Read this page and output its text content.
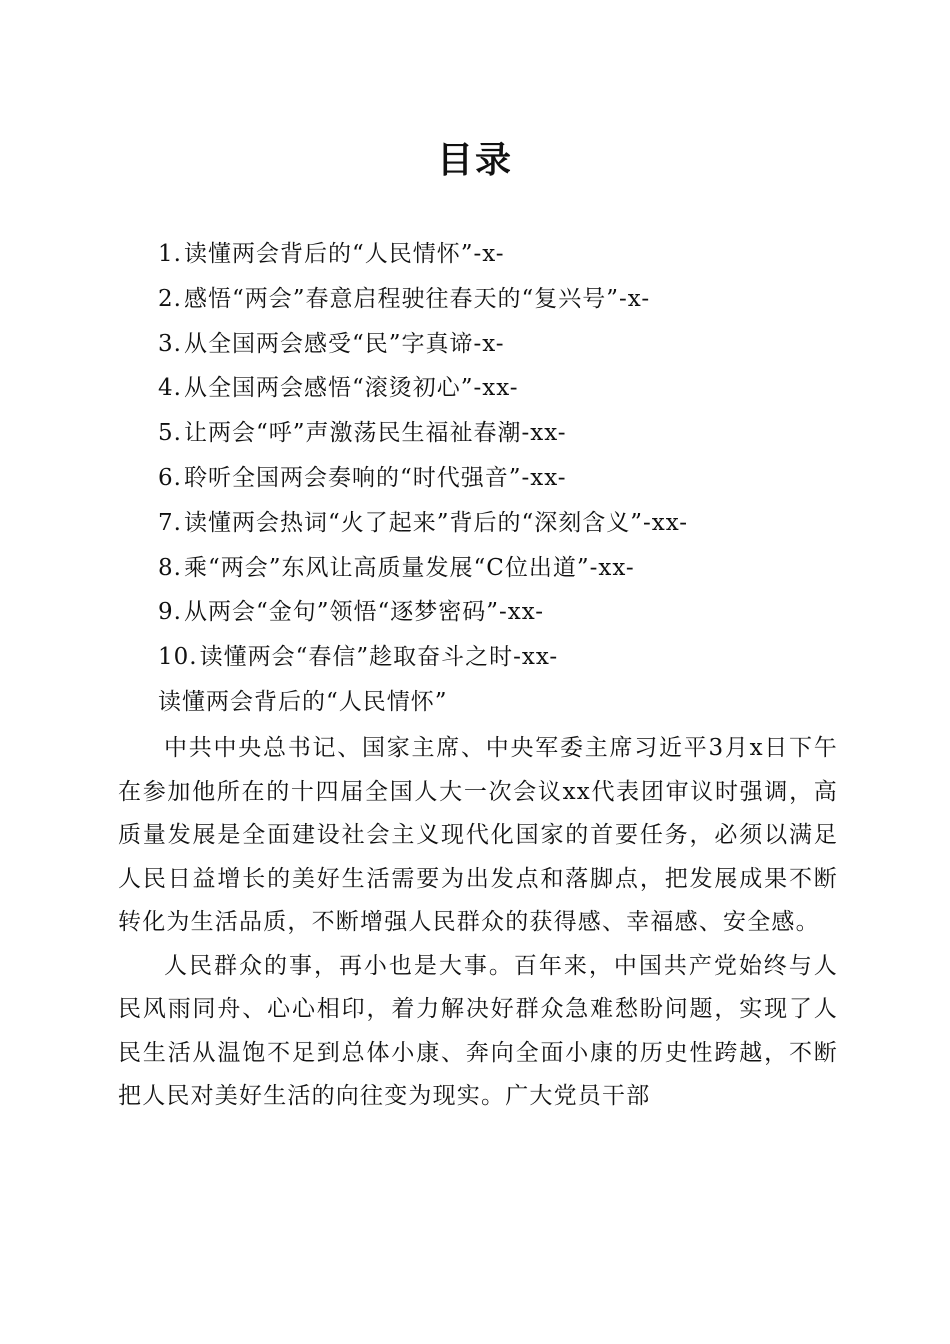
目录
1.读懂两会背后的“人民情怀”-x-
2.感悟“两会”春意启程驶往春天的“复兴号”-x-
3.从全国两会感受“民”字真谛-x-
4.从全国两会感悟“滚烫初心”-xx-
5.让两会“呼”声激荡民生福祉春潮-xx-
6.聆听全国两会奏响的“时代强音”-xx-
7.读懂两会热词“火了起来”背后的“深刻含义”-xx-
8.乘“两会”东风让高质量发展“C位出道”-xx-
9.从两会“金句”领悟“逐梦密码”-xx-
10.读懂两会“春信”趁取奋斗之时-xx-
读懂两会背后的“人民情怀”

中共中央总书记、国家主席、中央军委主席习近平3月x日下午在参加他所在的十四届全国人大一次会议xx代表团审议时强调，高质量发展是全面建设社会主义现代化国家的首要任务，必须以满足人民日益增长的美好生活需要为出发点和落脚点，把发展成果不断转化为生活品质，不断增强人民群众的获得感、幸福感、安全感。

人民群众的事，再小也是大事。百年来，中国共产党始终与人民风雨同舟、心心相印，着力解决好群众急难愁盼问题，实现了人民生活从温饱不足到总体小康、奔向全面小康的历史性跨越，不断把人民对美好生活的向往变为现实。广大党员干部
